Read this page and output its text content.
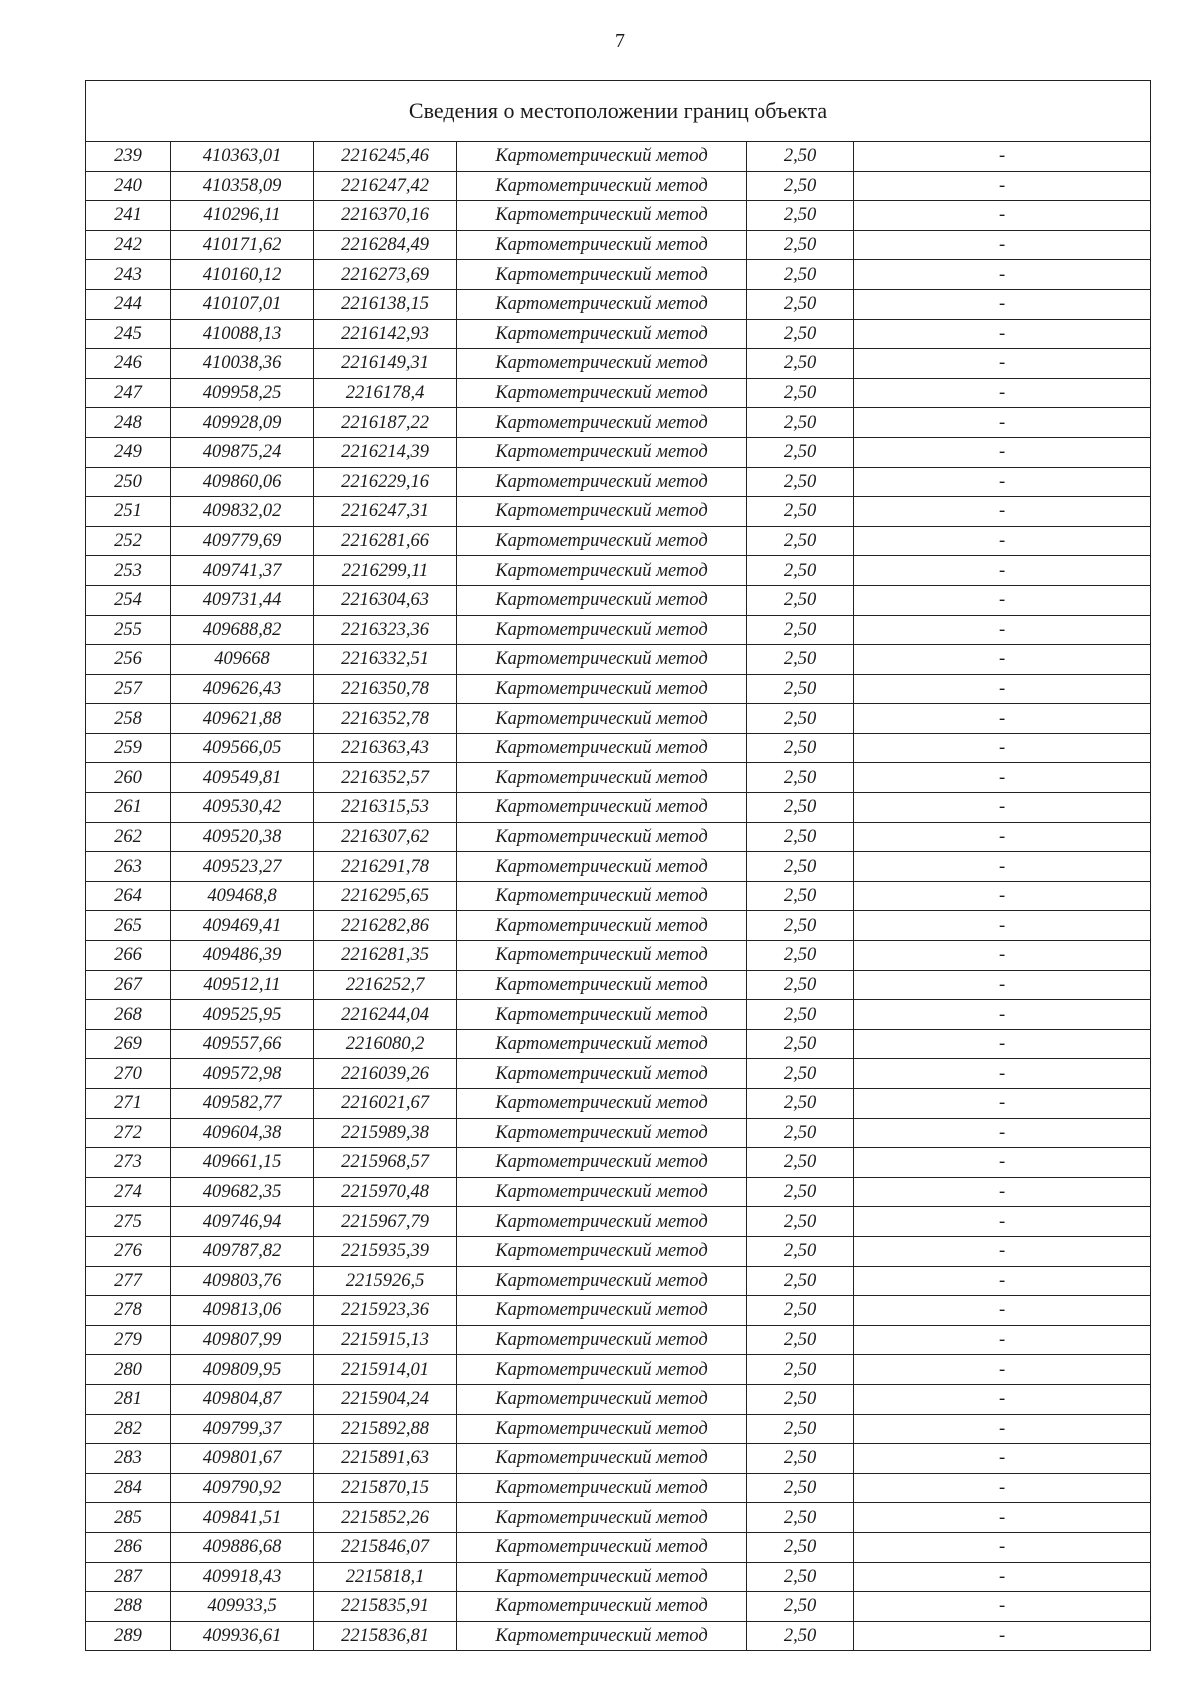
7
Сведения о местоположении границ объекта					
239	410363,01	2216245,46	Картометрический метод	2,50	-
240	410358,09	2216247,42	Картометрический метод	2,50	-
241	410296,11	2216370,16	Картометрический метод	2,50	-
242	410171,62	2216284,49	Картометрический метод	2,50	-
243	410160,12	2216273,69	Картометрический метод	2,50	-
244	410107,01	2216138,15	Картометрический метод	2,50	-
245	410088,13	2216142,93	Картометрический метод	2,50	-
246	410038,36	2216149,31	Картометрический метод	2,50	-
247	409958,25	2216178,4	Картометрический метод	2,50	-
248	409928,09	2216187,22	Картометрический метод	2,50	-
249	409875,24	2216214,39	Картометрический метод	2,50	-
250	409860,06	2216229,16	Картометрический метод	2,50	-
251	409832,02	2216247,31	Картометрический метод	2,50	-
252	409779,69	2216281,66	Картометрический метод	2,50	-
253	409741,37	2216299,11	Картометрический метод	2,50	-
254	409731,44	2216304,63	Картометрический метод	2,50	-
255	409688,82	2216323,36	Картометрический метод	2,50	-
256	409668	2216332,51	Картометрический метод	2,50	-
257	409626,43	2216350,78	Картометрический метод	2,50	-
258	409621,88	2216352,78	Картометрический метод	2,50	-
259	409566,05	2216363,43	Картометрический метод	2,50	-
260	409549,81	2216352,57	Картометрический метод	2,50	-
261	409530,42	2216315,53	Картометрический метод	2,50	-
262	409520,38	2216307,62	Картометрический метод	2,50	-
263	409523,27	2216291,78	Картометрический метод	2,50	-
264	409468,8	2216295,65	Картометрический метод	2,50	-
265	409469,41	2216282,86	Картометрический метод	2,50	-
266	409486,39	2216281,35	Картометрический метод	2,50	-
267	409512,11	2216252,7	Картометрический метод	2,50	-
268	409525,95	2216244,04	Картометрический метод	2,50	-
269	409557,66	2216080,2	Картометрический метод	2,50	-
270	409572,98	2216039,26	Картометрический метод	2,50	-
271	409582,77	2216021,67	Картометрический метод	2,50	-
272	409604,38	2215989,38	Картометрический метод	2,50	-
273	409661,15	2215968,57	Картометрический метод	2,50	-
274	409682,35	2215970,48	Картометрический метод	2,50	-
275	409746,94	2215967,79	Картометрический метод	2,50	-
276	409787,82	2215935,39	Картометрический метод	2,50	-
277	409803,76	2215926,5	Картометрический метод	2,50	-
278	409813,06	2215923,36	Картометрический метод	2,50	-
279	409807,99	2215915,13	Картометрический метод	2,50	-
280	409809,95	2215914,01	Картометрический метод	2,50	-
281	409804,87	2215904,24	Картометрический метод	2,50	-
282	409799,37	2215892,88	Картометрический метод	2,50	-
283	409801,67	2215891,63	Картометрический метод	2,50	-
284	409790,92	2215870,15	Картометрический метод	2,50	-
285	409841,51	2215852,26	Картометрический метод	2,50	-
286	409886,68	2215846,07	Картометрический метод	2,50	-
287	409918,43	2215818,1	Картометрический метод	2,50	-
288	409933,5	2215835,91	Картометрический метод	2,50	-
289	409936,61	2215836,81	Картометрический метод	2,50	-
